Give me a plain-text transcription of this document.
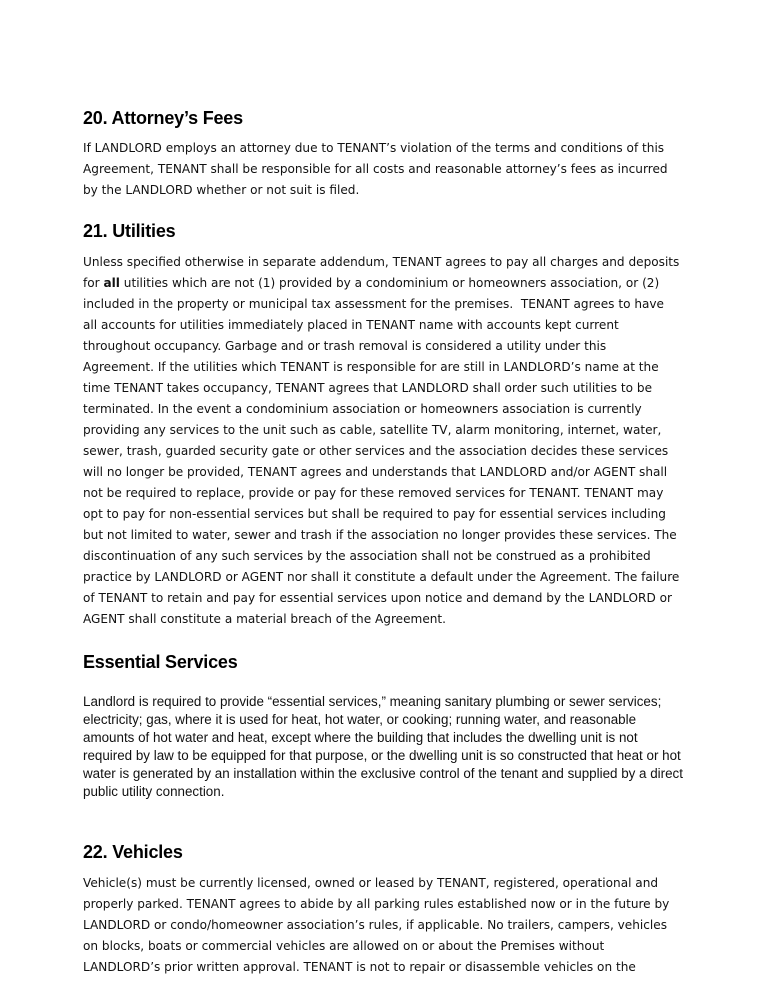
20. Attorney’s Fees
If LANDLORD employs an attorney due to TENANT’s violation of the terms and conditions of this
Agreement, TENANT shall be responsible for all costs and reasonable attorney’s fees as incurred
by the LANDLORD whether or not suit is filed.
21. Utilities
Unless specified otherwise in separate addendum, TENANT agrees to pay all charges and deposits
for all utilities which are not (1) provided by a condominium or homeowners association, or (2)
included in the property or municipal tax assessment for the premises.  TENANT agrees to have
all accounts for utilities immediately placed in TENANT name with accounts kept current
throughout occupancy. Garbage and or trash removal is considered a utility under this
Agreement. If the utilities which TENANT is responsible for are still in LANDLORD’s name at the
time TENANT takes occupancy, TENANT agrees that LANDLORD shall order such utilities to be
terminated. In the event a condominium association or homeowners association is currently
providing any services to the unit such as cable, satellite TV, alarm monitoring, internet, water,
sewer, trash, guarded security gate or other services and the association decides these services
will no longer be provided, TENANT agrees and understands that LANDLORD and/or AGENT shall
not be required to replace, provide or pay for these removed services for TENANT. TENANT may
opt to pay for non-essential services but shall be required to pay for essential services including
but not limited to water, sewer and trash if the association no longer provides these services. The
discontinuation of any such services by the association shall not be construed as a prohibited
practice by LANDLORD or AGENT nor shall it constitute a default under the Agreement. The failure
of TENANT to retain and pay for essential services upon notice and demand by the LANDLORD or
AGENT shall constitute a material breach of the Agreement.
Essential Services
Landlord is required to provide “essential services,” meaning sanitary plumbing or sewer services;
electricity; gas, where it is used for heat, hot water, or cooking; running water, and reasonable
amounts of hot water and heat, except where the building that includes the dwelling unit is not
required by law to be equipped for that purpose, or the dwelling unit is so constructed that heat or hot
water is generated by an installation within the exclusive control of the tenant and supplied by a direct
public utility connection.
22. Vehicles
Vehicle(s) must be currently licensed, owned or leased by TENANT, registered, operational and
properly parked. TENANT agrees to abide by all parking rules established now or in the future by
LANDLORD or condo/homeowner association’s rules, if applicable. No trailers, campers, vehicles
on blocks, boats or commercial vehicles are allowed on or about the Premises without
LANDLORD’s prior written approval. TENANT is not to repair or disassemble vehicles on the
